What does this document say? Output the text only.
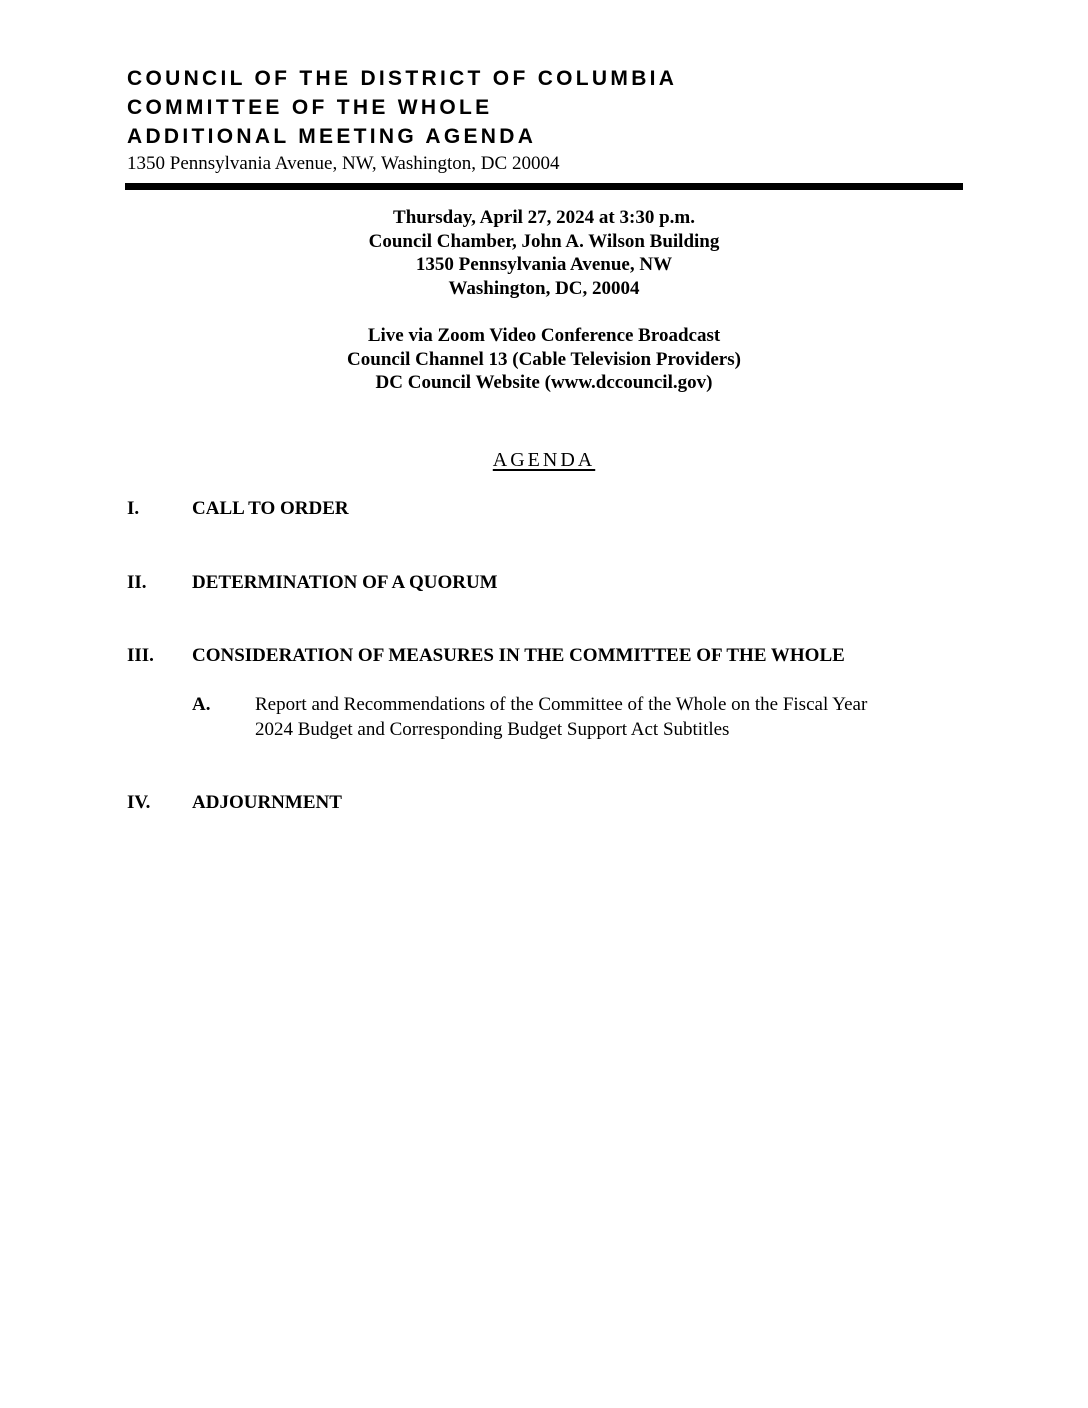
COUNCIL OF THE DISTRICT OF COLUMBIA
COMMITTEE OF THE WHOLE
ADDITIONAL MEETING AGENDA
1350 Pennsylvania Avenue, NW, Washington, DC 20004
Thursday, April 27, 2024 at 3:30 p.m.
Council Chamber, John A. Wilson Building
1350 Pennsylvania Avenue, NW
Washington, DC, 20004
Live via Zoom Video Conference Broadcast
Council Channel 13 (Cable Television Providers)
DC Council Website (www.dccouncil.gov)
AGENDA
I.	CALL TO ORDER
II. DETERMINATION OF A QUORUM
III. CONSIDERATION OF MEASURES IN THE COMMITTEE OF THE WHOLE
A. Report and Recommendations of the Committee of the Whole on the Fiscal Year
2024 Budget and Corresponding Budget Support Act Subtitles
IV. ADJOURNMENT
